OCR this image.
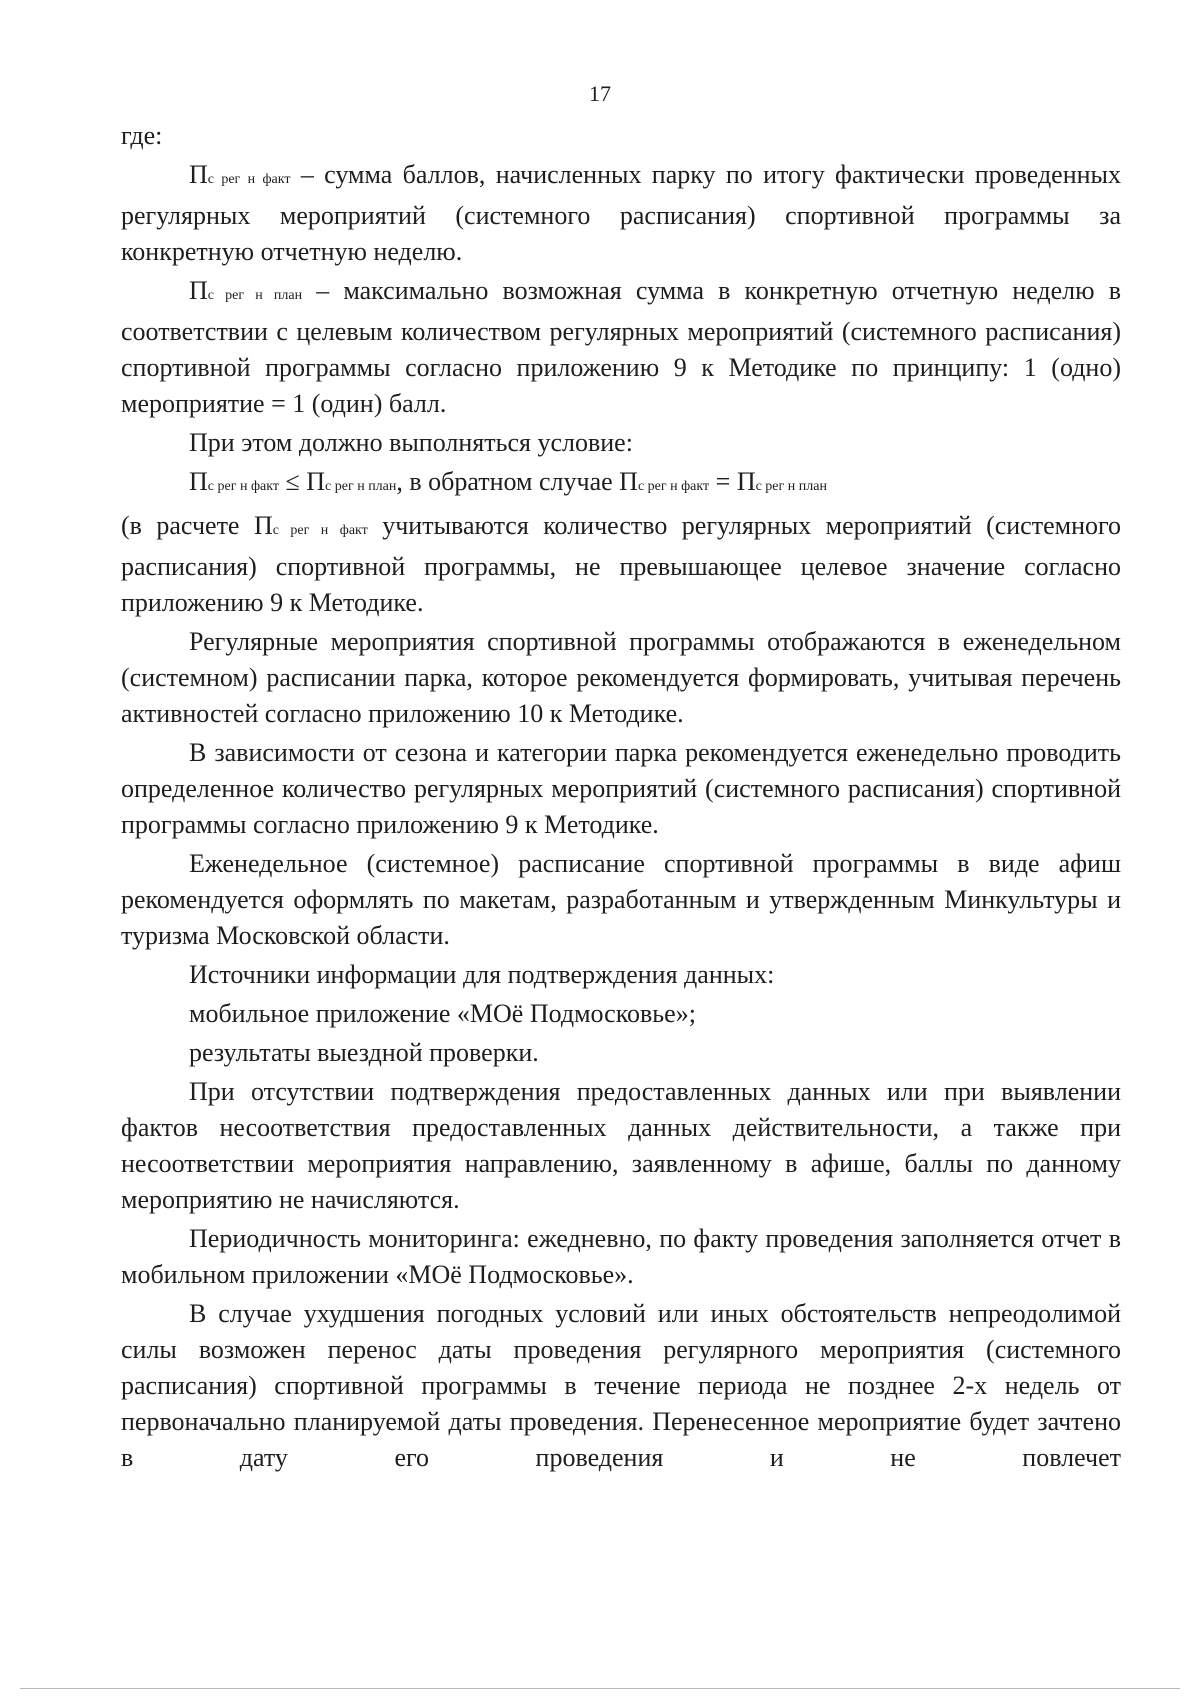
17

где:

Пс рег н факт – сумма баллов, начисленных парку по итогу фактически проведенных регулярных мероприятий (системного расписания) спортивной программы за конкретную отчетную неделю.

Пс рег н план – максимально возможная сумма в конкретную отчетную неделю в соответствии с целевым количеством регулярных мероприятий (системного расписания) спортивной программы согласно приложению 9 к Методике по принципу: 1 (одно) мероприятие = 1 (один) балл.

При этом должно выполняться условие:

Пс рег н факт ≤ Пс рег н план, в обратном случае Пс рег н факт = Пс рег н план

(в расчете Пс рег н факт учитываются количество регулярных мероприятий (системного расписания) спортивной программы, не превышающее целевое значение согласно приложению 9 к Методике.

Регулярные мероприятия спортивной программы отображаются в еженедельном (системном) расписании парка, которое рекомендуется формировать, учитывая перечень активностей согласно приложению 10 к Методике.

В зависимости от сезона и категории парка рекомендуется еженедельно проводить определенное количество регулярных мероприятий (системного расписания) спортивной программы согласно приложению 9 к Методике.

Еженедельное (системное) расписание спортивной программы в виде афиш рекомендуется оформлять по макетам, разработанным и утвержденным Минкультуры и туризма Московской области.

Источники информации для подтверждения данных:

мобильное приложение «МОё Подмосковье»;

результаты выездной проверки.

При отсутствии подтверждения предоставленных данных или при выявлении фактов несоответствия предоставленных данных действительности, а также при несоответствии мероприятия направлению, заявленному в афише, баллы по данному мероприятию не начисляются.

Периодичность мониторинга: ежедневно, по факту проведения заполняется отчет в мобильном приложении «МОё Подмосковье».

В случае ухудшения погодных условий или иных обстоятельств непреодолимой силы возможен перенос даты проведения регулярного мероприятия (системного расписания) спортивной программы в течение периода не позднее 2-х недель от первоначально планируемой даты проведения. Перенесенное мероприятие будет зачтено в дату его проведения и не повлечет
